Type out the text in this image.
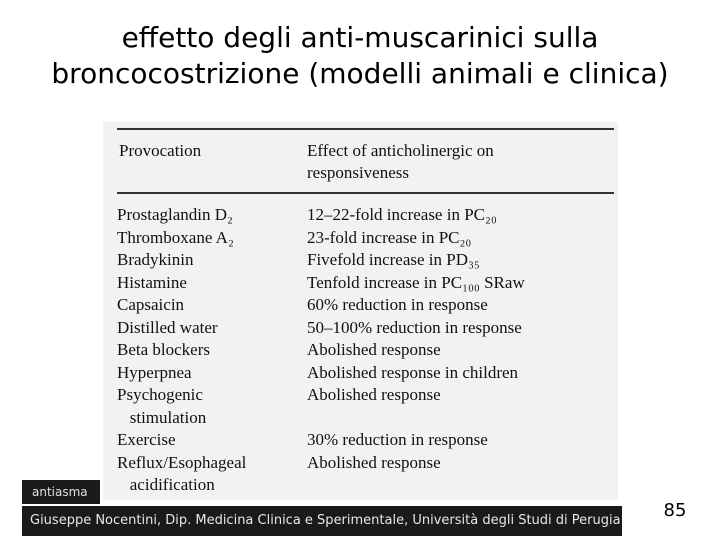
effetto degli anti-muscarinici sulla
broncocostrizione (modelli animali e clinica)
Provocation	Effect of anticholinergic on
responsiveness
Prostaglandin D₂	12–22-fold increase in PC₂₀
Thromboxane A₂	23-fold increase in PC₂₀
Bradykinin	Fivefold increase in PD₃₅
Histamine	Tenfold increase in PC₁₀₀ SRaw
Capsaicin	60% reduction in response
Distilled water	50–100% reduction in response
Beta blockers	Abolished response
Hyperpnea	Abolished response in children
Psychogenic	Abolished response
stimulation
Exercise	30% reduction in response
Reflux/Esophageal	Abolished response
acidification
antiasma
Giuseppe Nocentini, Dip. Medicina Clinica e Sperimentale, Università degli Studi di Perugia	85
